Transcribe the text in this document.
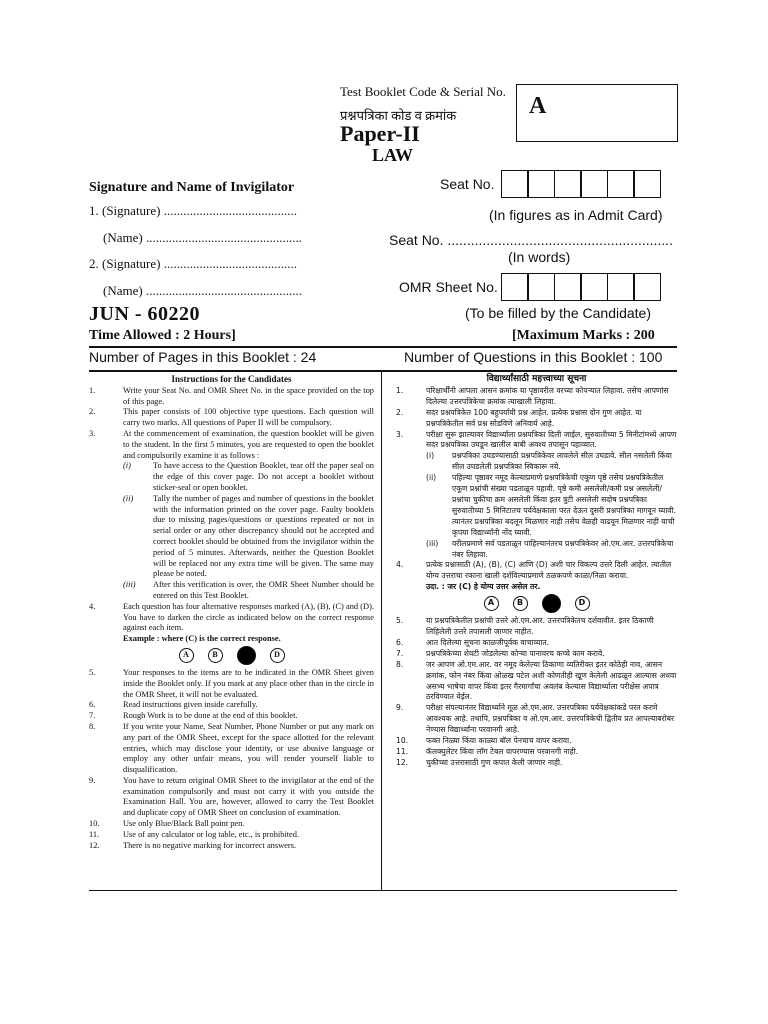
Test Booklet Code & Serial No.
प्रश्नपत्रिका कोड व क्रमांक	A
Paper-II
LAW
Signature and Name of Invigilator
1. (Signature) .........................................
(Name) ................................................
2. (Signature) .........................................
(Name) ................................................
Seat No.
(In figures as in Admit Card)
Seat No. ..........................................................
(In words)
OMR Sheet No.
(To be filled by the Candidate)
JUN - 60220
Time Allowed : 2 Hours]	[Maximum Marks : 200
Number of Pages in this Booklet : 24	Number of Questions in this Booklet : 100
Instructions for the Candidates
1.	Write your Seat No. and OMR Sheet No. in the space provided on the top of this page.
2.	This paper consists of 100 objective type questions. Each question will carry two marks. All questions of Paper II will be compulsory.
3.	At the commencement of examination, the question booklet will be given to the student. In the first 5 minutes, you are requested to open the booklet and compulsorily examine it as follows :
(i)	To have access to the Question Booklet, tear off the paper seal on the edge of this cover page. Do not accept a booklet without sticker-seal or open booklet.
(ii)	Tally the number of pages and number of questions in the booklet with the information printed on the cover page. Faulty booklets due to missing pages/questions or questions repeated or not in serial order or any other discrepancy should not be accepted and correct booklet should be obtained from the invigilator within the period of 5 minutes. Afterwards, neither the Question Booklet will be replaced nor any extra time will be given. The same may please be noted.
(iii)	After this verification is over, the OMR Sheet Number should be entered on this Test Booklet.
4.	Each question has four alternative responses marked (A), (B), (C) and (D). You have to darken the circle as indicated below on the correct response against each item.
Example : where (C) is the correct response.
A	B	C	D
5.	Your responses to the items are to be indicated in the OMR Sheet given inside the Booklet only. If you mark at any place other than in the circle in the OMR Sheet, it will not be evaluated.
6.	Read instructions given inside carefully.
7.	Rough Work is to be done at the end of this booklet.
8.	If you write your Name, Seat Number, Phone Number or put any mark on any part of the OMR Sheet, except for the space allotted for the relevant entries, which may disclose your identity, or use abusive language or employ any other unfair means, you will render yourself liable to disqualification.
9.	You have to return original OMR Sheet to the invigilator at the end of the examination compulsorily and must not carry it with you outside the Examination Hall. You are, however, allowed to carry the Test Booklet and duplicate copy of OMR Sheet on conclusion of examination.
10.	Use only Blue/Black Ball point pen.
11.	Use of any calculator or log table, etc., is prohibited.
12.	There is no negative marking for incorrect answers.
विद्यार्थ्यांसाठी महत्त्वाच्या सूचना
1.	परिक्षार्थींनी आपला आसन क्रमांक या पृष्ठावरील वरच्या कोपऱ्यात लिहावा. तसेच आपणांस दिलेल्या उत्तरपत्रिकेचा क्रमांक त्याखाली लिहावा.
2.	सदर प्रश्नपत्रिकेत 100 बहुपर्यायी प्रश्न आहेत. प्रत्येक प्रश्नास दोन गुण आहेत. या प्रश्नपत्रिकेतील सर्व प्रश्न सोडविणे अनिवार्य आहे.
3.	परीक्षा सुरू झाल्यावर विद्यार्थ्याला प्रश्नपत्रिका दिली जाईल. सुरुवातीच्या 5 मिनीटांमध्ये आपण सदर प्रश्नपत्रिका उघडून खालील बाबी अवश्य तपासून पहाव्यात.
(i)	प्रश्नपत्रिका उघडण्यासाठी प्रश्नपत्रिकेवर लावलेले सील उघडावे. सील नसलेली किंवा सील उघडलेली प्रश्नपत्रिका स्विकारू नये.
(ii)	पहिल्या पृष्ठावर नमूद केल्याप्रमाणे प्रश्नपत्रिकेची एकूण पृष्ठे तसेच प्रश्नपत्रिकेतील एकूण प्रश्नांची संख्या पडताळून पहावी. पृष्ठे कमी असलेली/कमी प्रश्न असलेली/प्रश्नांचा चुकीचा क्रम असलेली किंवा इतर त्रुटी असलेली सदोष प्रश्नपत्रिका सुरुवातीच्या 5 मिनिटातच पर्यवेक्षकाला परत देऊन दुसरी प्रश्नपत्रिका मागवून घ्यावी. त्यानंतर प्रश्नपत्रिका बदलून मिळणार नाही तसेच वेळही वाढवून मिळणार नाही याची कृपया विद्यार्थ्यांनी नोंद घ्यावी.
(iii)	वरीलप्रमाणे सर्व पडताळून पाहिल्यानंतरच प्रश्नपत्रिकेवर ओ.एम.आर. उत्तरपत्रिकेचा नंबर लिहावा.
4.	प्रत्येक प्रश्नासाठी (A), (B), (C) आणि (D) अशी चार विकल्प उत्तरे दिली आहेत. त्यातील योग्य उत्तराचा रकाना खाली दर्शविल्याप्रमाणे ठळकपणे काळा/निळा करावा.
उदा. : जर (C) हे योग्य उत्तर असेल तर.
A	B	C	D
5.	या प्रश्नपत्रिकेतील प्रश्नांची उत्तरे ओ.एम.आर. उत्तरपत्रिकेतच दर्शवावीत. इतर ठिकाणी लिहिलेली उत्तरे तपासली जाणार नाहीत.
6.	आत दिलेल्या सूचना काळजीपूर्वक वाचाव्यात.
7.	प्रश्नपत्रिकेच्या शेवटी जोडलेल्या कोऱ्या पानावरच कच्चे काम करावे.
8.	जर आपण ओ.एम.आर. वर नमूद केलेल्या ठिकाणा व्यतिरीक्त इतर कोठेही नाव, आसन क्रमांक, फोन नंबर किंवा ओळख पटेल अशी कोणतीही खूण केलेली आढळून आल्यास अथवा असभ्य भाषेचा वापर किंवा इतर गैरमार्गांचा अवलंब केल्यास विद्यार्थ्याला परीक्षेस अपात्र ठरविण्यात येईल.
9.	परीक्षा संपल्यानंतर विद्यार्थ्याने मूळ ओ.एम.आर. उत्तरपत्रिका पर्यवेक्षकांकडे परत करणे आवश्यक आहे. तथापि, प्रश्नपत्रिका व ओ.एम.आर. उत्तरपत्रिकेची द्वितीय प्रत आपल्याबरोबर नेण्यास विद्यार्थ्यांना परवानगी आहे.
10.	फक्त निळ्या किंवा काळ्या बॉल पेनचाच वापर करावा.
11.	कॅलक्युलेटर किंवा लॉग टेबल वापरण्यास परवानगी नाही.
12.	चुकीच्या उत्तरासाठी गुण कपात केली जाणार नाही.
